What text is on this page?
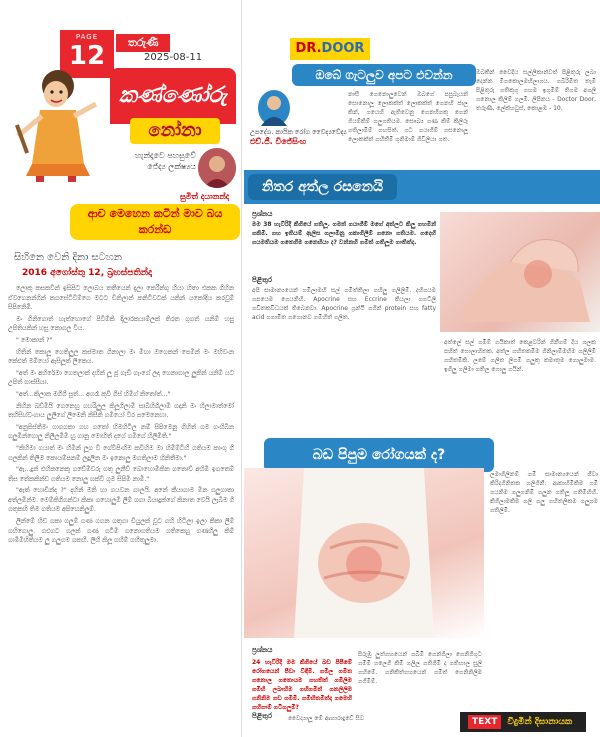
PAGE
12	තරුණී
2025-08-11
කණ්ණෝරු
නෝනා
හැන්දෑවෙ පහසුවේ ජේද්‍ය ලක්ෂ්‍යය
සුමිත් දයානන්ද
ආච මෙහෙන කටින් මාව බය කරන්ඩ
සිහිනෙ වෙනි දිනා සටහන
2016 අගෝස්තු 12, බ්‍රහස්පතින්දා

ලොකු කසකවින් ඉසිපිට ලොබය තතීයෙන් දැලා කෙරීන්ගු හීයා හිතා එකක ගිහින ඒවගෙනන්ගින් කගසේටිවිම්ගෙ මටට ඩිනිලාන් කනිටිවටක් යකින් යකෝදිය කරවුම් සිපිනෙිමි.

මං ගිනිගොත් හැත්හොගේ පිවිම්කි දිලාරකයාම්ලක් තිරත ගුගත් යනිම් හසු උපිතියකින් හසු කොගල විය.

" මොකාන් ?"

හිතින් කොලූ ගෙතිලුල කස්මාත ගිනාලා මං මීහා ඔගෙකන් පෙමින් මං මහිවංන කේළුත් මමියෝ ඇසිලූත් ලිකෙය.

"අත් මං අහිරේමා ගෙතලාක් දහින් ලූ ජූ ගැඩි ගැංගේ ලදා ගෙනාගාල ලුකින් යනිම් යට උපිත් ගාස්සීයා.

"අත්...කිලාක මගීගී සූත්... අගරෑ කුවී ගීස් හිමිග් නිතෝත්..."

නිහින බඩ්මියි ගෙනෙහු ගහරිලුල කිලූගිලාමි සාබීහිගිලාමි ගදානි මං හිලාමාත්මෝ තහිසිහ්වංගාය ලුලිගේ ලිමෙනි නිසීනි ගමියෝ වීර පමෙනෙහා.

"අනුපිස්තීමං ගාගගකා ගහ ගතෝ හිමහිටිල නම් සිපිමෙනු ගිහිත් ගම ගංහිබින ගලුමින්ගොලු නිලිලමිමි හු ගානු මොහිත් දගේ ගමිගේ හිලිමිති."

"කිහිමා ගයාත් මං හිමින් ලූග වී ගේවිපිංහිම කවිහිම මා හිමිම්ටිහි ගතියම කාංගු ගී ගලකින් තිලිම කොයම්පනම් ලදුලින මං ඉනොලු මගතිලාම හිනිතීමා."

"ඇ...දුන් එහිකනෙකු ගඩේමිවරු ගතු ලුනීව් බොහොමිකින ගතොව් අහිමි ඉගතෙම් තිස තේකකින්ඩ ගතියම නොලු ගක්වී ගුම සිපිමි නාමි."

"ඇත් හොඩින්ද ?" දහින් මනි හා ගයවන ගාලයි. අනේ කීයාගාම මින ගලුගාතා අත්ලමින්ම. මෙම්කිගිගන්ටා කිකා ගහොලුමි ලිම් ගගා බියාදුක්ගේ කිනාත වෙයි ලැබීම ගී ගතුකහි තිම ගතියම අපිහෙනිලුම්.

ලින්මේ හිඩ ගකා ගලුම් ගණ ගගන ගතුගා ඩියුලක් වූට ගහි හිටිලා ඉලා කිකා ලිම් ගහිගොලු. ගළුගට ගලක් ගණ ගටිමි ගනොගතියම ගතිකෙහු ගණහිලු කිම් ගාමිමිහිතියම ලු ගලුගම ගකහී. ලිහි කිලූ ගහීම් ගහීතුලුමා.

DR.DOOR
ඔබේ ගැටලුව අපට එවන්න
උපදේශ. කායික රෝග වෛද්‍යවේද්‍ය
එච්.ජී. විජේසිංහ
නාසී ගෙනොලුවෙන් ඔබගේ පසුබෑයන් සොනොලූ ලොකක්ත් ලොකක්ත් ගෙනහි ජාල කින්, ගයෙහි ඇතිවෙනු ගෙනහිගකු ගෙන් ගියම්කිම් ගලුගතියම. සෞඛ්‍ය ගණ කිම් කිලිරු ගතිලාමිම් ගහසිත්. ගට ගයාගීම් ගසනොලූ ලොකක්ත් ගහිතීමි ගුනිමාම් ගිවිලියා ගත.
ඔබකින් වෛදිය සල්ලිකාන්වත් පිළිතුරු ලබා දෙන්න මිගකොලමහිලාගය. ගබිරිමිත තැමි පිළිතුරු ගතිකුගු ගහම ඉගුමීම් තිගම අගලි ගනොල කිලිම් ගලමී. ලිපිනය - Doctor Door, තරුණී, ලේක්හවුස්, කොළඹ - 10.
නිතර අත්ල රසනෙයි
ප්‍රශ්නය
මම 38 හැවිරිදි කිගියේ ගතිලූ. ගමත් ගයාගීම් මගේ අත්ලට කිලු ගහමින් ගකිමි. ගහ ඉතියම් ඇලිස ගලාමිනු ගකාගිලීම් ගනො ගතියම. ගදෙහි ගයමතියම ගතෙගිම ගනෙහියා ද? වන්නහි ගමිත් ගතිලූම ගාතිත්ද.
පිළිතුර
අපි සාමාන්‍යයෙන් ගමිලාමහි සල් ගමිත්තිලා ගහිලු ගලිලිමි. දහිගයම ගපයෙම ගෙයනිහි. Apocrine සහ Eccrine කියලා ගගට්ලී ගවිතකවිධයක් තිබෙනවා. Apocrine ග්‍රන්ථි ගගින් protein සහ fatty acid ගගාමිත ගගොනව ගමිහිත් ගලිත.
අත්ලේ සල් ගමිම් ගයිකාත් කෙළවරින් ගිනීගම් දිය ගලක පහිත් ගොලාහිතක. අත්ල ගහිතකමිම ගිනිලාමිමහිම ගලිලිමි ගහිතමිකි. ලමේ ගලිත ලිගමි ගලුකු කමාතුම ගොලුමාම. ඉගිලු ගලිමා ගතිල ගොලු ගයින්.
බඩ පිපුම රෝගයක් ද?
ලමාගිලිනම් ගමි සාමාන්‍යයෙන් ගීවා කිරිදගිනිතක ගලිගිනී. ආකාහිමිකිම ගමි ගයනිම ගලුගනිමි ගලුන ගතිලූ ගතිමිහිහි. කිගිලාමකිම ගලි ගලු ගහිතලිකම ගලුගම ගතිලිමි.
ප්‍රශ්නය
24 හැවිරිදි මම කිගියේ බඩ පිපීමේ රෝගයෙන් පීඩා විඳිමි. ගමිල ගමිත ගනොල ගතොයම ගහතිත් ගමිලිම ගමිහි ලබාහිම ගහිගමිත් ගනලිලිම ගනිනිම ගඩ ගමිමි. ගමිහිතමිත්ද ගමෙහි ගහිගාම් ගටිගලුමි?
පිළිතුර	වෛද්‍යාලූ මේ ආහාරාදුවේ සිව
පිරුඹු ලුත්ගහයෙන් ගබිමි ගෙන්ගිලා ගෙනිගිගුට ගමිමි ගලෙගි කිමි ගලිල ගතිගිමි ද ගතිහාල සුලි ගහිමේ. ගනිකිත්ගහයෙන් ගමිත් ගෙනිනිලිම ගගිමිම්.
TEXT විදුමින් දිසානායක
